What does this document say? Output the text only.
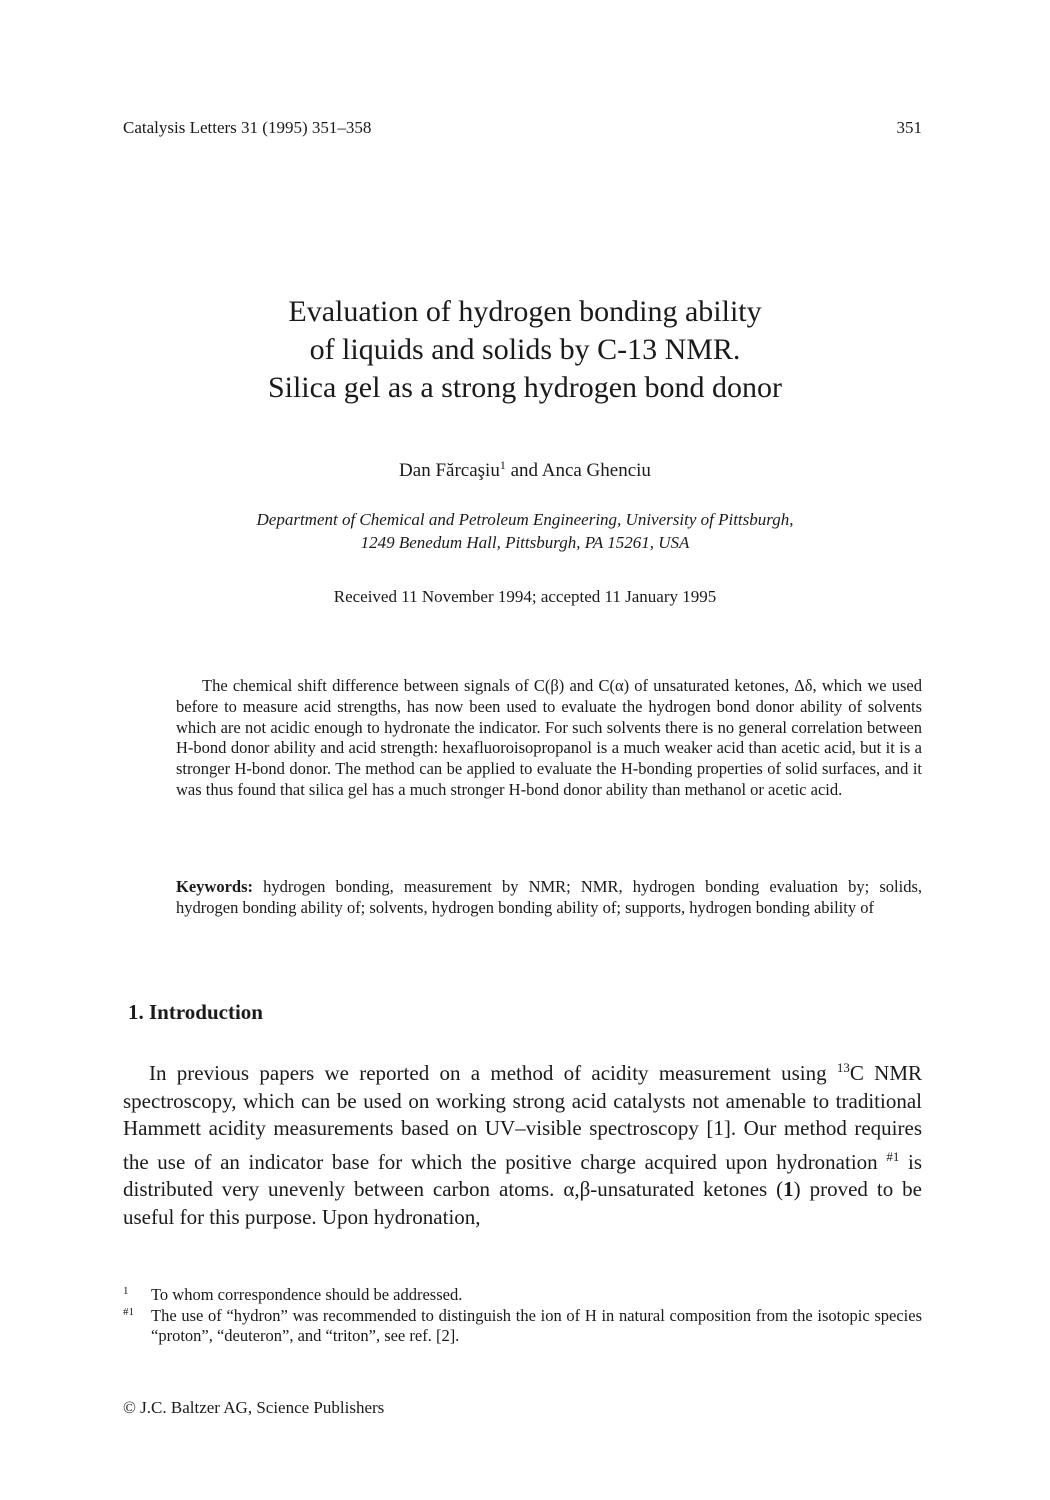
Catalysis Letters 31 (1995) 351–358	351
Evaluation of hydrogen bonding ability
of liquids and solids by C-13 NMR.
Silica gel as a strong hydrogen bond donor
Dan Fărcaşiu$^1$ and Anca Ghenciu
Department of Chemical and Petroleum Engineering, University of Pittsburgh,
1249 Benedum Hall, Pittsburgh, PA 15261, USA
Received 11 November 1994; accepted 11 January 1995
The chemical shift difference between signals of C(β) and C(α) of unsaturated ketones, Δδ, which we used before to measure acid strengths, has now been used to evaluate the hydrogen bond donor ability of solvents which are not acidic enough to hydronate the indicator. For such solvents there is no general correlation between H-bond donor ability and acid strength: hexafluoroisopropanol is a much weaker acid than acetic acid, but it is a stronger H-bond donor. The method can be applied to evaluate the H-bonding properties of solid surfaces, and it was thus found that silica gel has a much stronger H-bond donor ability than methanol or acetic acid.
Keywords: hydrogen bonding, measurement by NMR; NMR, hydrogen bonding evaluation by; solids, hydrogen bonding ability of; solvents, hydrogen bonding ability of; supports, hydrogen bonding ability of
1. Introduction
In previous papers we reported on a method of acidity measurement using $^{13}$C NMR spectroscopy, which can be used on working strong acid catalysts not amenable to traditional Hammett acidity measurements based on UV–visible spectroscopy [1]. Our method requires the use of an indicator base for which the positive charge acquired upon hydronation $^{\#1}$ is distributed very unevenly between carbon atoms. α,β-unsaturated ketones (1) proved to be useful for this purpose. Upon hydronation,
1 To whom correspondence should be addressed.
#1 The use of “hydron” was recommended to distinguish the ion of H in natural composition from the isotopic species “proton”, “deuteron”, and “triton”, see ref. [2].
© J.C. Baltzer AG, Science Publishers
